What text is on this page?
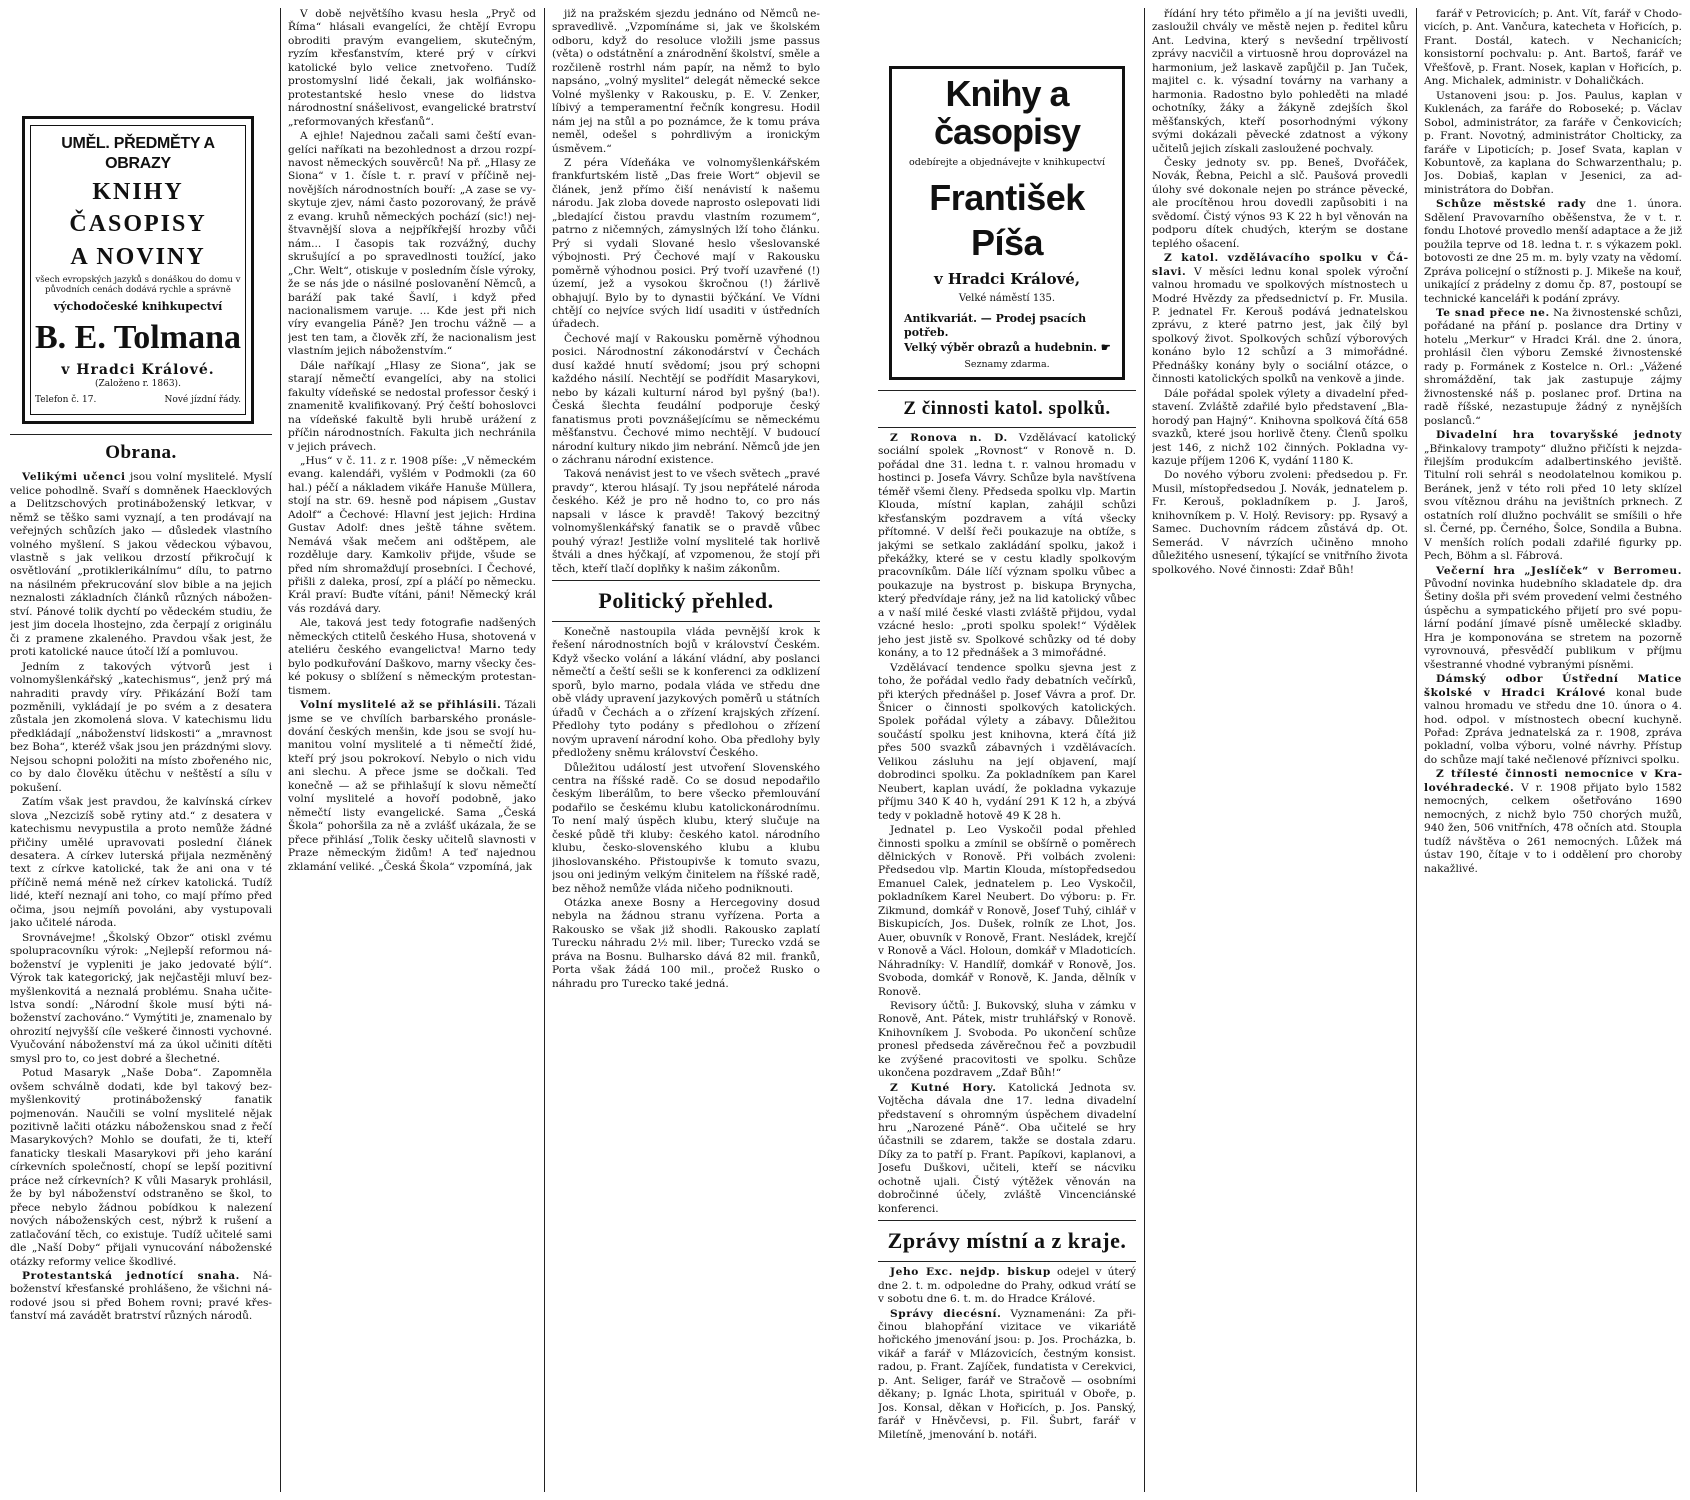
UMĚL. PŘEDMĚTY A OBRAZY
KNIHY
ČASOPISY
A NOVINY
všech evropských jazyků s donáškou do domu v původních cenách dodává rychle a správně
východočeské knihkupectví
B. E. Tolmana
v Hradci Králové.
(Založeno r. 1863).
Telefon č. 17.	Nové jízdní řády.
Obrana.

Velikými učenci jsou volní myslitelé. Myslí velice pohodlně. Svaří s domněnek Haecklových a Delitzschových protináboženský letkvar, v němž se těško sami vyznají, a ten prodávají na veřejných schůzích jako — důsledek vlastního volného myšlení. S jakou vědeckou výbavou, vlastně s jak velikou drzostí přikročují k osvětlování „protiklerikálnímu“ dílu, to patrno na násilném překrucování slov bible a na jejich neznalosti základních článků různých náboženství. Pánové tolik dychtí po vědeckém studiu, že jest jim docela lhostejno, zda čerpají z originálu či z pramene zkaleného. Pravdou však jest, že proti katolické nauce útočí lží a pomluvou.

Jedním z takových výtvorů jest i volnomyšlenkářský „katechismus“, jenž prý má nahraditi pravdy víry. Přikázání Boží tam pozměnili, vykládají je po svém a z desatera zůstala jen zkomolená slova. V katechismu lidu předkládají „náboženství lidskosti“ a „mravnost bez Boha“, kteréž však jsou jen prázdnými slovy. Nejsou schopni položiti na místo zbořeného nic, co by dalo člověku útěchu v neštěstí a sílu v pokušení.

Zatím však jest pravdou, že kalvínská církev slova „Nezcizíš sobě rytiny atd.“ z desatera v katechismu nevypustila a proto nemůže žádné přičiny umělé upravovati poslední článek desatera. A církev luterská přijala nezměněný text z církve katolické, tak že ani ona v té příčině nemá méně než církev katolická. Tudíž lidé, kteří neznají ani toho, co mají přímo před očima, jsou nejmíň povoláni, aby vystupovali jako učitelé národa.

Srovnávejme! „Školský Obzor“ otiskl zvému spolupracovníku výrok: „Nejlepší reformou náboženství je vypleniti je jako jedovaté býlí“. Výrok tak kategorický, jak nejčastěji mluví bezmyšlenkovitá a neznalá problému. Snaha učitelstva sondí: „Národní škole musí býti náboženství zachováno.“ Vymýtiti je, znamenalo by ohrozití nejvyšší cíle veškeré činnosti vychovné. Vyučování náboženství má za úkol učiniti dítěti smysl pro to, co jest dobré a šlechetné.

Potud Masaryk „Naše Doba“. Zapomněla ovšem schválně dodati, kde byl takový bezmyšlenkovitý protináboženský fanatik pojmenován. Naučili se volní myslitelé nějak pozitivně lačiti otázku náboženskou snad z řečí Masarykových? Mohlo se doufati, že ti, kteří fanaticky tleskali Masarykovi při jeho karání církevních společností, chopí se lepší pozitivní práce než církevních? K vůli Masaryk prohlásil, že by byl náboženství odstraněno se škol, to přece nebylo žádnou pobídkou k nalezení nových náboženských cest, nýbrž k rušení a zatlačování těch, co existuje. Tudíž učitelé sami dle „Naší Doby“ přijali vynucování náboženské otázky reformy velice škodlivé.

Protestantská jednotící snaha. Náboženství křesťanské prohlášeno, že všichni národové jsou si před Bohem rovni; pravé křesťanství má zavádět bratrství různých národů.

V době největšího kvasu hesla „Pryč od Říma“ hlásali evangelíci, že chtějí Evropu obroditi pravým evangeliem, skutečným, ryzím křesťanstvím, které prý v církvi katolické bylo velice znetvořeno. Tudíž prostomyslní lidé čekali, jak wolfiánsko-protestantské heslo vnese do lidstva národnostní snášelivost, evangelické bratrství „reformovaných křesťanů“.

A ejhle! Najednou začali sami čeští evangelíci naříkati na bezohlednost a drzou rozpínavost německých souvěrců! Na př. „Hlasy ze Siona“ v 1. čísle t. r. praví v příčině nejnovějších národnostních bouří: „A zase se vyskytuje zjev, námi často pozorovaný, že právě z evang. kruhů německých pochází (sic!) nejštvavnější slova a nejpříkřejší hrozby vůči nám... I časopis tak rozvážný, duchy skrušující a po spravedlnosti toužící, jako „Chr. Welt“, otiskuje v posledním čísle výroky, že se nás jde o násilné poslovanění Němců, a baráží pak také Šavlí, i když před nacionalismem varuje. ... Kde jest při nich víry evangelia Páně? Jen trochu vážně — a jest ten tam, a člověk zří, že nacionalism jest vlastním jejich náboženstvím.“

Dále naříkají „Hlasy ze Siona“, jak se starají němečtí evangelíci, aby na stolici fakulty vídeňské se nedostal professor český i znamenitě kvalifikovaný. Prý čeští bohoslovci na vídeňské fakultě byli hrubě urážení z příčin národnostních. Fakulta jich nechránila v jejich právech.

„Hus“ v č. 11. z r. 1908 píše: „V německém evang. kalendáři, vyšlém v Podmokli (za 60 hal.) péčí a nákladem vikáře Hanuše Müllera, stojí na str. 69. hesně pod nápisem „Gustav Adolf“ a Čechové: Hlavní jest jejich: Hrdina Gustav Adolf: dnes ještě táhne světem. Nemává však mečem ani odštěpem, ale rozděluje dary. Kamkoliv přijde, všude se před ním shromažďují prosebníci. I Čechové, přišli z daleka, prosí, zpí a pláčí po německu. Král praví: Buďte vítáni, páni! Německý král vás rozdává dary.

Ale, taková jest tedy fotografie nadšených německých ctitelů českého Husa, shotovená v ateliéru českého evangelictva! Marno tedy bylo podkuřování Daškovo, marny všecky české pokusy o sblížení s německým protestantismem.

Volní myslitelé až se přihlásili. Tázali jsme se ve chvílích barbarského pronásledování českých menšin, kde jsou se svojí humanitou volní myslitelé a ti němečtí židé, kteří prý jsou pokrokoví. Nebylo o nich vidu ani slechu. A přece jsme se dočkali. Teď konečně — až se přihlašují k slovu němečtí volní myslitelé a hovoří podobně, jako němečtí listy evangelické. Sama „Česká Škola“ pohoršila za ně a zvlášť ukázala, že se přece přihlásí „Tolik česky učitelů slavnosti v Praze německým židům! A teď najednou zklamání veliké. „Česká Škola“ vzpomíná, jak

již na pražském sjezdu jednáno od Němců nespravedlivě. „Vzpomínáme si, jak ve školském odboru, když do resoluce vložili jsme passus (věta) o odstátnění a znárodnění školství, směle a rozčileně rostrhl nám papír, na němž to bylo napsáno, „volný myslitel“ delegát německé sekce Volné myšlenky v Rakousku, p. E. V. Zenker, líbivý a temperamentní řečník kongresu. Hodil nám jej na stůl a po poznámce, že k tomu práva neměl, odešel s pohrdlivým a ironickým úsměvem.“

Z péra Vídeňáka ve volnomyšlenkářském frankfurtském listě „Das freie Wort“ objevil se článek, jenž přímo čiší nenávistí k našemu národu. Jak zloba dovede naprosto oslepovati lidi „bledající čistou pravdu vlastním rozumem“, patrno z ničemných, zámyslných lží toho článku. Prý si vydali Slované heslo všeslovanské výbojnosti. Prý Čechové mají v Rakousku poměrně výhodnou posici. Prý tvoří uzavřené (!) území, jež a vysokou škročnou (!) žárlivě obhajují. Bylo by to dynastii býčkání. Ve Vídni chtějí co nejvíce svých lidí usaditi v ústředních úřadech.

Čechové mají v Rakousku poměrně výhodnou posici. Národnostní zákonodárství v Čechách dusí každé hnutí svědomí; jsou prý schopni každého násilí. Nechtějí se podřídit Masarykovi, nebo by kázali kulturní národ byl pyšný (ba!). Česká šlechta feudální podporuje český fanatismus proti povznášejícímu se německému měšťanstvu. Čechové mimo nechtějí. V budoucí národní kultury nikdo jim nebrání. Němců jde jen o záchranu národní existence.

Taková nenávist jest to ve všech světech „pravé pravdy“, kterou hlásají. Ty jsou nepřátelé národa českého. Kéž je pro ně hodno to, co pro nás napsali v lásce k pravdě! Takový bezcitný volnomyšlenkářský fanatik se o pravdě vůbec pouhý výraz! Jestliže volní myslitelé tak horlivě štváli a dnes hýčkají, ať vzpomenou, že stojí při těch, kteří tlačí doplňky k našim zákonům.

Politický přehled.

Konečně nastoupila vláda pevnější krok k řešení národnostních bojů v království Českém. Když všecko volání a lákání vládní, aby poslanci němečtí a čeští sešli se k konferenci za odklizení sporů, bylo marno, podala vláda ve středu dne obě vlády upravení jazykových poměrů u státních úřadů v Čechách a o zřízení krajských zřízení. Předlohy tyto podány s předlohou o zřízení novým upravení národní koho. Oba předlohy byly předloženy sněmu království Českého.

Důležitou událostí jest utvoření Slovenského centra na říšské radě. Co se dosud nepodařilo českým liberálům, to bere všecko přemlouvání podařilo se českému klubu katolickonárodnímu. To není malý úspěch klubu, který slučuje na české půdě tři kluby: českého katol. národního klubu, česko-slovenského klubu a klubu jihoslovanského. Přistoupivše k tomuto svazu, jsou oni jediným velkým činitelem na říšské radě, bez něhož nemůže vláda ničeho podniknouti.

Otázka anexe Bosny a Hercegoviny dosud nebyla na žádnou stranu vyřízena. Porta a Rakousko se však již shodli. Rakousko zaplatí Turecku náhradu 2½ mil. liber; Turecko vzdá se práva na Bosnu. Bulharsko dává 82 mil. franků, Porta však žádá 100 mil., pročež Rusko o náhradu pro Turecko také jedná.

Knihy a časopisy
odebírejte a objednávejte v knihkupectví
František Píša
v Hradci Králové,
Velké náměstí 135.
Antikvariát. — Prodej psacích potřeb.
Velký výběr obrazů a hudebnin. ☛
Seznamy zdarma.
Z činnosti katol. spolků.

Z Ronova n. D. Vzdělávací katolický sociální spolek „Rovnost“ v Ronově n. D. pořádal dne 31. ledna t. r. valnou hromadu v hostinci p. Josefa Vávry. Schůze byla navštívena téměř všemi členy. Předseda spolku vlp. Martin Klouda, místní kaplan, zahájil schůzi křesťanským pozdravem a vítá všecky přítomné. V delší řeči poukazuje na obtíže, s jakými se setkalo zakládání spolku, jakož i překážky, které se v cestu kladly spolkovým pracovníkům. Dále líčí význam spolku vůbec a poukazuje na bystrost p. biskupa Brynycha, který předvídaje rány, jež na lid katolický vůbec a v naší milé české vlasti zvláště přijdou, vydal vzácné heslo: „proti spolku spolek!“ Výdělek jeho jest jistě sv. Spolkové schůzky od té doby konány, a to 12 přednášek a 3 mimořádné.

Vzdělávací tendence spolku sjevna jest z toho, že pořádal vedlo řady debatních večírků, při kterých přednášel p. Josef Vávra a prof. Dr. Šnicer o činnosti spolkových katolických. Spolek pořádal výlety a zábavy. Důležitou součástí spolku jest knihovna, která čítá již přes 500 svazků zábavných i vzdělávacích. Velikou zásluhu na její objavení, mají dobrodinci spolku. Za pokladníkem pan Karel Neubert, kaplan uvádí, že pokladna vykazuje příjmu 340 K 40 h, vydání 291 K 12 h, a zbývá tedy v pokladně hotově 49 K 28 h.

Jednatel p. Leo Vyskočil podal přehled činnosti spolku a zmínil se obšírně o poměrech dělnických v Ronově. Při volbách zvoleni: Předsedou vlp. Martin Klouda, místopředsedou Emanuel Calek, jednatelem p. Leo Vyskočil, pokladníkem Karel Neubert. Do výboru: p. Fr. Zikmund, domkář v Ronově, Josef Tuhý, cihlář v Biskupicích, Jos. Dušek, rolník ze Lhot, Jos. Auer, obuvník v Ronově, Frant. Nesládek, krejčí v Ronově a Václ. Holoun, domkář v Mladoticích. Náhradníky: V. Handlíř, domkář v Ronově, Jos. Svoboda, domkář v Ronově, K. Janda, dělník v Ronově.

Revisory účtů: J. Bukovský, sluha v zámku v Ronově, Ant. Pátek, mistr truhlářský v Ronově. Knihovníkem J. Svoboda. Po ukončení schůze pronesl předseda závěrečnou řeč a povzbudil ke zvýšené pracovitosti ve spolku. Schůze ukončena pozdravem „Zdař Bůh!“

Z Kutné Hory. Katolická Jednota sv. Vojtěcha dávala dne 17. ledna divadelní představení s ohromným úspěchem divadelní hru „Narozené Páně“. Oba učitelé se hry účastnili se zdarem, takže se dostala zdaru. Díky za to patří p. Frant. Papíkovi, kaplanovi, a Josefu Duškovi, učiteli, kteří se nácviku ochotně ujali. Čistý výtěžek věnován na dobročinné účely, zvláště Vincenciánské konferenci.

Zprávy místní a z kraje.

Jeho Exc. nejdp. biskup odejel v úterý dne 2. t. m. odpoledne do Prahy, odkud vrátí se v sobotu dne 6. t. m. do Hradce Králové.

Správy diecésní. Vyznamenáni: Za přičinou blahopřání vizitace ve vikariátě hořického jmenování jsou: p. Jos. Procházka, b. vikář a farář v Mlázovicích, čestným konsist. radou, p. Frant. Zajíček, fundatista v Cerekvici, p. Ant. Seliger, farář ve Stračově — osobními děkany; p. Ignác Lhota, spirituál v Oboře, p. Jos. Konsal, děkan v Hořicích, p. Jos. Panský, farář v Hněvčevsi, p. Fil. Šubrt, farář v Miletíně, jmenování b. notáři.

řídání hry této přimělo a jí na jevišti uvedli, zasloužil chvály ve městě nejen p. ředitel kůru Ant. Ledvina, který s nevšední trpělivostí zprávy nacvičil a virtuosně hrou doprovázel na harmonium, jež laskavě zapůjčil p. Jan Tuček, majitel c. k. výsadní továrny na varhany a harmonia. Radostno bylo pohleděti na mladé ochotníky, žáky a žákyně zdejších škol měšťanských, kteří posorhodnými výkony svými dokázali pěvecké zdatnost a výkony učitelů jejich získali zasloužené pochvaly.

Česky jednoty sv. pp. Beneš, Dvořáček, Novák, Řebna, Peichl a slč. Paušová provedli úlohy své dokonale nejen po stránce pěvecké, ale procítěnou hrou dovedli zapůsobiti i na svědomí. Čistý výnos 93 K 22 h byl věnován na podporu dítek chudých, kterým se dostane teplého ošacení.

Z katol. vzdělávacího spolku v Čáslavi. V měsíci lednu konal spolek výroční valnou hromadu ve spolkových místnostech u Modré Hvězdy za předsednictví p. Fr. Musila. P. jednatel Fr. Kerouš podává jednatelskou zprávu, z které patrno jest, jak čilý byl spolkový život. Spolkových schůzí výborových konáno bylo 12 schůzí a 3 mimořádné. Přednášky konány byly o sociální otázce, o činnosti katolických spolků na venkově a jinde.

Dále pořádal spolek výlety a divadelní představení. Zvláště zdařilé bylo představení „Blahorodý pan Hajný“. Knihovna spolková čítá 658 svazků, které jsou horlivě čteny. Členů spolku jest 146, z nichž 102 činných. Pokladna vykazuje příjem 1206 K, vydání 1180 K.

Do nového výboru zvoleni: předsedou p. Fr. Musil, místopředsedou J. Novák, jednatelem p. Fr. Kerouš, pokladníkem p. J. Jaroš, knihovníkem p. V. Holý. Revisory: pp. Rysavý a Samec. Duchovním rádcem zůstává dp. Ot. Semerád. V návrzích učiněno mnoho důležitého usnesení, týkající se vnitřního života spolkového. Nové činnosti: Zdař Bůh!

farář v Petrovicích; p. Ant. Vít, farář v Chodovicích, p. Ant. Vančura, katecheta v Hořicích, p. Frant. Dostál, katech. v Nechanicích; konsistorní pochvalu: p. Ant. Bartoš, farář ve Vřešťově, p. Frant. Nosek, kaplan v Hořicích, p. Ang. Michalek, administr. v Dohaličkách.

Ustanoveni jsou: p. Jos. Paulus, kaplan v Kuklenách, za faráře do Roboseké; p. Václav Sobol, administrátor, za faráře v Čenkovicích; p. Frant. Novotný, administrátor Cholticky, za faráře v Lipoticích; p. Josef Svata, kaplan v Kobuntově, za kaplana do Schwarzenthalu; p. Jos. Dobiaš, kaplan v Jesenici, za administrátora do Dobřan.

Schůze městské rady dne 1. února. Sdělení Pravovarního oběšenstva, že v t. r. fondu Lhotové provedlo menší adaptace a že již použila teprve od 18. ledna t. r. s výkazem pokl. botovosti ze dne 25 m. m. byly vzaty na vědomí. Zpráva policejní o stížnosti p. J. Mikeše na kouř, unikající z prádelny z domu čp. 87, postoupí se technické kanceláři k podání zprávy.

Te snad přece ne. Na živnostenské schůzi, pořádané na přání p. poslance dra Drtiny v hotelu „Merkur“ v Hradci Král. dne 2. února, prohlásil člen výboru Zemské živnostenské rady p. Formánek z Kostelce n. Orl.: „Vážené shromáždění, tak jak zastupuje zájmy živnostenské náš p. poslanec prof. Drtina na radě říšské, nezastupuje žádný z nynějších poslanců.“

Divadelní hra tovaryšské jednoty „Břinkalovy trampoty“ dlužno přičísti k nejzdařilejším produkcím adalbertinského jeviště. Titulní roli sehrál s neodolatelnou komikou p. Beránek, jenž v této roli před 10 lety sklízel svou vítěznou dráhu na jevištních prknech. Z ostatních rolí dlužno pochválit se smíšili o hře sl. Černé, pp. Černého, Šolce, Sondila a Bubna. V menších rolích podali zdařilé figurky pp. Pech, Böhm a sl. Fábrová.

Večerní hra „Jeslíček“ v Berromeu. Původní novinka hudebního skladatele dp. dra Šetiny došla při svém provedení velmi čestného úspěchu a sympatického přijetí pro své populární podání jímavé písně umělecké skladby. Hra je komponována se stretem na pozorně vyrovnouvá, přesvědčí publikum v příjmu všestranné vhodné vybranými písněmi.

Dámský odbor Ústřední Matice školské v Hradci Králové konal bude valnou hromadu ve středu dne 10. února o 4. hod. odpol. v místnostech obecní kuchyně. Pořad: Zpráva jednatelská za r. 1908, zpráva pokladní, volba výboru, volné návrhy. Přístup do schůze mají také nečlenové příznivci spolku.

Z třílesté činnosti nemocnice v Kralovéhradecké. V r. 1908 přijato bylo 1582 nemocných, celkem ošetřováno 1690 nemocných, z nichž bylo 750 chorých mužů, 940 žen, 506 vnitřních, 478 očních atd. Stoupla tudíž návštěva o 261 nemocných. Lůžek má ústav 190, čítaje v to i oddělení pro choroby nakažlivé.
